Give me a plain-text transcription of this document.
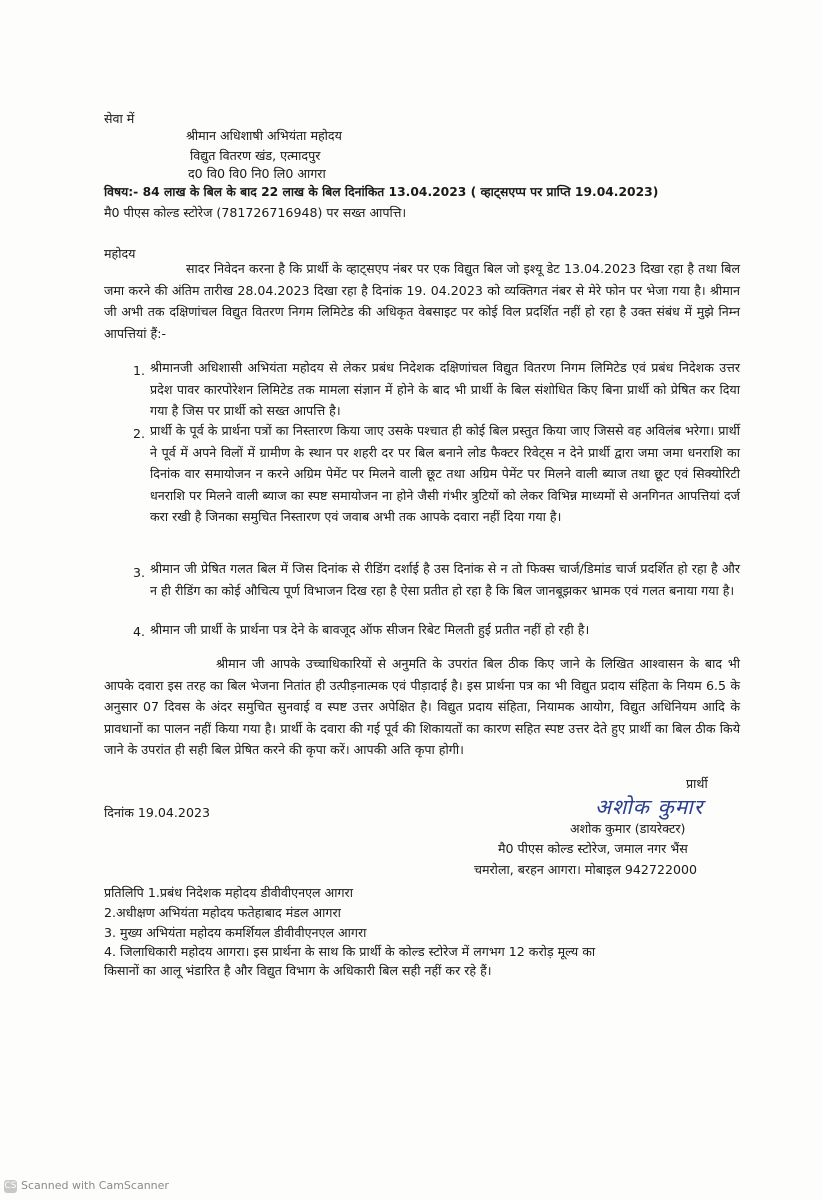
सेवा में
श्रीमान अधिशाषी अभियंता महोदय
विद्युत वितरण खंड, एत्मादपुर
द0 वि0 वि0 नि0 लि0 आगरा
विषय:- 84 लाख के बिल के बाद 22 लाख के बिल दिनांकित 13.04.2023 ( व्हाट्सएप्प पर प्राप्ति 19.04.2023)
मै0 पीएस कोल्ड स्टोरेज (781726716948) पर सख्त आपत्ति।
महोदय
सादर निवेदन करना है कि प्रार्थी के व्हाट्सएप नंबर पर एक विद्युत बिल जो इश्यू डेट 13.04.2023 दिखा रहा है तथा बिल जमा करने की अंतिम तारीख 28.04.2023 दिखा रहा है दिनांक 19. 04.2023 को व्यक्तिगत नंबर से मेरे फोन पर भेजा गया है। श्रीमान जी अभी तक दक्षिणांचल विद्युत वितरण निगम लिमिटेड की अधिकृत वेबसाइट पर कोई विल प्रदर्शित नहीं हो रहा है उक्त संबंध में मुझे निम्न आपत्तियां हैं:-
1. श्रीमानजी अधिशासी अभियंता महोदय से लेकर प्रबंध निदेशक दक्षिणांचल विद्युत वितरण निगम लिमिटेड एवं प्रबंध निदेशक उत्तर प्रदेश पावर कारपोरेशन लिमिटेड तक मामला संज्ञान में होने के बाद भी प्रार्थी के बिल संशोधित किए बिना प्रार्थी को प्रेषित कर दिया गया है जिस पर प्रार्थी को सख्त आपत्ति है।
2. प्रार्थी के पूर्व के प्रार्थना पत्रों का निस्तारण किया जाए उसके पश्चात ही कोई बिल प्रस्तुत किया जाए जिससे वह अविलंब भरेगा। प्रार्थी ने पूर्व में अपने विलों में ग्रामीण के स्थान पर शहरी दर पर बिल बनाने लोड फैक्टर रिवेट्स न देने प्रार्थी द्वारा जमा जमा धनराशि का दिनांक वार समायोजन न करने अग्रिम पेमेंट पर मिलने वाली छूट तथा अग्रिम पेमेंट पर मिलने वाली ब्याज तथा छूट एवं सिक्योरिटी धनराशि पर मिलने वाली ब्याज का स्पष्ट समायोजन ना होने जैसी गंभीर त्रुटियों को लेकर विभिन्न माध्यमों से अनगिनत आपत्तियां दर्ज करा रखी है जिनका समुचित निस्तारण एवं जवाब अभी तक आपके दवारा नहीं दिया गया है।
3. श्रीमान जी प्रेषित गलत बिल में जिस दिनांक से रीडिंग दर्शाई है उस दिनांक से न तो फिक्स चार्ज/डिमांड चार्ज प्रदर्शित हो रहा है और न ही रीडिंग का कोई औचित्य पूर्ण विभाजन दिख रहा है ऐसा प्रतीत हो रहा है कि बिल जानबूझकर भ्रामक एवं गलत बनाया गया है।
4. श्रीमान जी प्रार्थी के प्रार्थना पत्र देने के बावजूद ऑफ सीजन रिबेट मिलती हुई प्रतीत नहीं हो रही है।
श्रीमान जी आपके उच्चाधिकारियों से अनुमति के उपरांत बिल ठीक किए जाने के लिखित आश्वासन के बाद भी आपके दवारा इस तरह का बिल भेजना नितांत ही उत्पीड़नात्मक एवं पीड़ादाई है। इस प्रार्थना पत्र का भी विद्युत प्रदाय संहिता के नियम 6.5 के अनुसार 07 दिवस के अंदर समुचित सुनवाई व स्पष्ट उत्तर अपेक्षित है। विद्युत प्रदाय संहिता, नियामक आयोग, विद्युत अधिनियम आदि के प्रावधानों का पालन नहीं किया गया है। प्रार्थी के दवारा की गई पूर्व की शिकायतों का कारण सहित स्पष्ट उत्तर देते हुए प्रार्थी का बिल ठीक किये जाने के उपरांत ही सही बिल प्रेषित करने की कृपा करें। आपकी अति कृपा होगी।
प्रार्थी
दिनांक 19.04.2023	अशोक कुमार
अशोक कुमार (डायरेक्टर)
मै0 पीएस कोल्ड स्टोरेज, जमाल नगर भैंस
चमरोला, बरहन आगरा। मोबाइल 942722000
प्रतिलिपि 1.प्रबंध निदेशक महोदय डीवीवीएनएल आगरा
2.अधीक्षण अभियंता महोदय फतेहाबाद मंडल आगरा
3. मुख्य अभियंता महोदय कमर्शियल डीवीवीएनएल आगरा
4. जिलाधिकारी महोदय आगरा। इस प्रार्थना के साथ कि प्रार्थी के कोल्ड स्टोरेज में लगभग 12 करोड़ मूल्य का
किसानों का आलू भंडारित है और विद्युत विभाग के अधिकारी बिल सही नहीं कर रहे हैं।
CS Scanned with CamScanner
